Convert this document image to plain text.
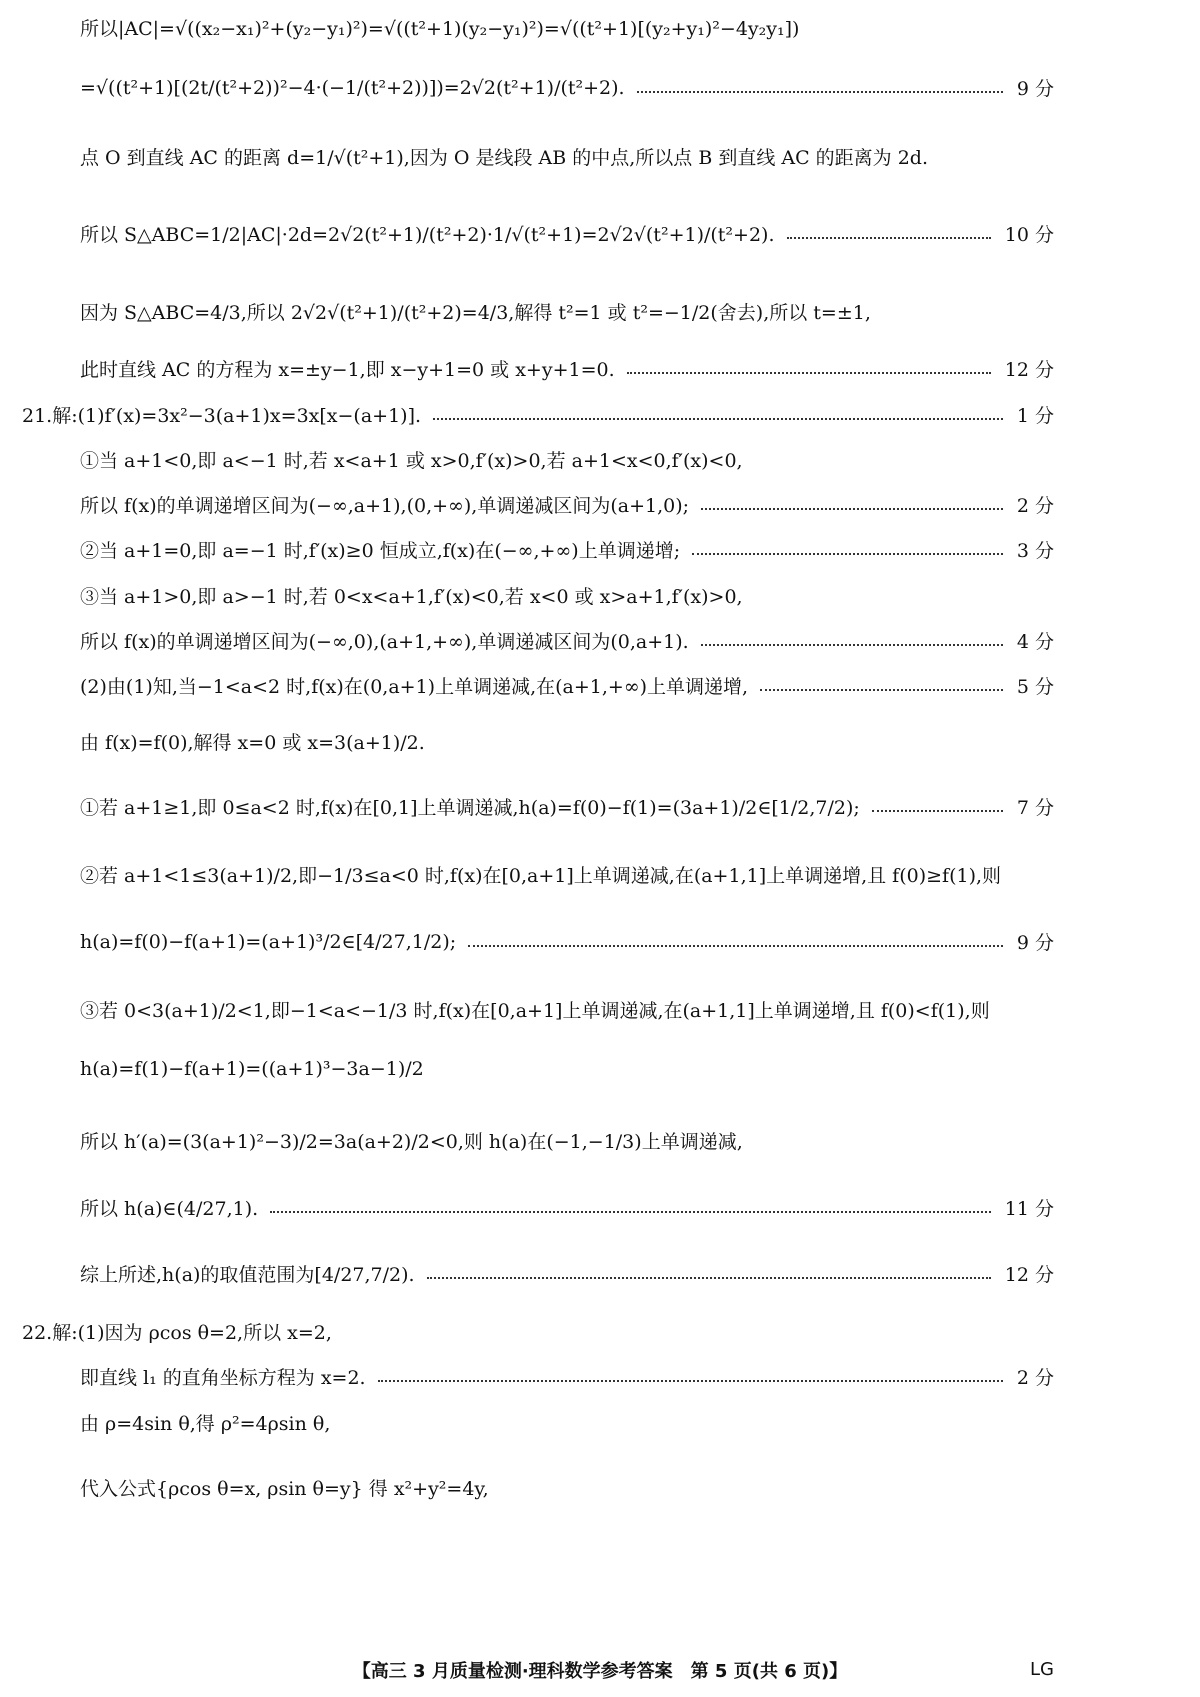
所以|AC|=√((x₂−x₁)²+(y₂−y₁)²)=√((t²+1)(y₂−y₁)²)=√((t²+1)[(y₂+y₁)²−4y₂y₁])
=√((t²+1)[(2t/(t²+2))²−4·(−1/(t²+2))])=2√2(t²+1)/(t²+2).	9 分
点 O 到直线 AC 的距离 d=1/√(t²+1),因为 O 是线段 AB 的中点,所以点 B 到直线 AC 的距离为 2d.
所以 S△ABC=1/2|AC|·2d=2√2(t²+1)/(t²+2)·1/√(t²+1)=2√2√(t²+1)/(t²+2).	10 分
因为 S△ABC=4/3,所以 2√2√(t²+1)/(t²+2)=4/3,解得 t²=1 或 t²=−1/2(舍去),所以 t=±1,
此时直线 AC 的方程为 x=±y−1,即 x−y+1=0 或 x+y+1=0.	12 分
21.解:(1)f′(x)=3x²−3(a+1)x=3x[x−(a+1)].	1 分
①当 a+1<0,即 a<−1 时,若 x<a+1 或 x>0,f′(x)>0,若 a+1<x<0,f′(x)<0,
所以 f(x)的单调递增区间为(−∞,a+1),(0,+∞),单调递减区间为(a+1,0);	2 分
②当 a+1=0,即 a=−1 时,f′(x)≥0 恒成立,f(x)在(−∞,+∞)上单调递增;	3 分
③当 a+1>0,即 a>−1 时,若 0<x<a+1,f′(x)<0,若 x<0 或 x>a+1,f′(x)>0,
所以 f(x)的单调递增区间为(−∞,0),(a+1,+∞),单调递减区间为(0,a+1).	4 分
(2)由(1)知,当−1<a<2 时,f(x)在(0,a+1)上单调递减,在(a+1,+∞)上单调递增,	5 分
由 f(x)=f(0),解得 x=0 或 x=3(a+1)/2.
①若 a+1≥1,即 0≤a<2 时,f(x)在[0,1]上单调递减,h(a)=f(0)−f(1)=(3a+1)/2∈[1/2,7/2);	7 分
②若 a+1<1≤3(a+1)/2,即−1/3≤a<0 时,f(x)在[0,a+1]上单调递减,在(a+1,1]上单调递增,且 f(0)≥f(1),则
h(a)=f(0)−f(a+1)=(a+1)³/2∈[4/27,1/2);	9 分
③若 0<3(a+1)/2<1,即−1<a<−1/3 时,f(x)在[0,a+1]上单调递减,在(a+1,1]上单调递增,且 f(0)<f(1),则
h(a)=f(1)−f(a+1)=((a+1)³−3a−1)/2
所以 h′(a)=(3(a+1)²−3)/2=3a(a+2)/2<0,则 h(a)在(−1,−1/3)上单调递减,
所以 h(a)∈(4/27,1).	11 分
综上所述,h(a)的取值范围为[4/27,7/2).	12 分
22.解:(1)因为 ρcos θ=2,所以 x=2,
即直线 l₁ 的直角坐标方程为 x=2.	2 分
由 ρ=4sin θ,得 ρ²=4ρsin θ,
代入公式{ρcos θ=x, ρsin θ=y} 得 x²+y²=4y,
【高三 3 月质量检测·理科数学参考答案　第 5 页(共 6 页)】	LG
